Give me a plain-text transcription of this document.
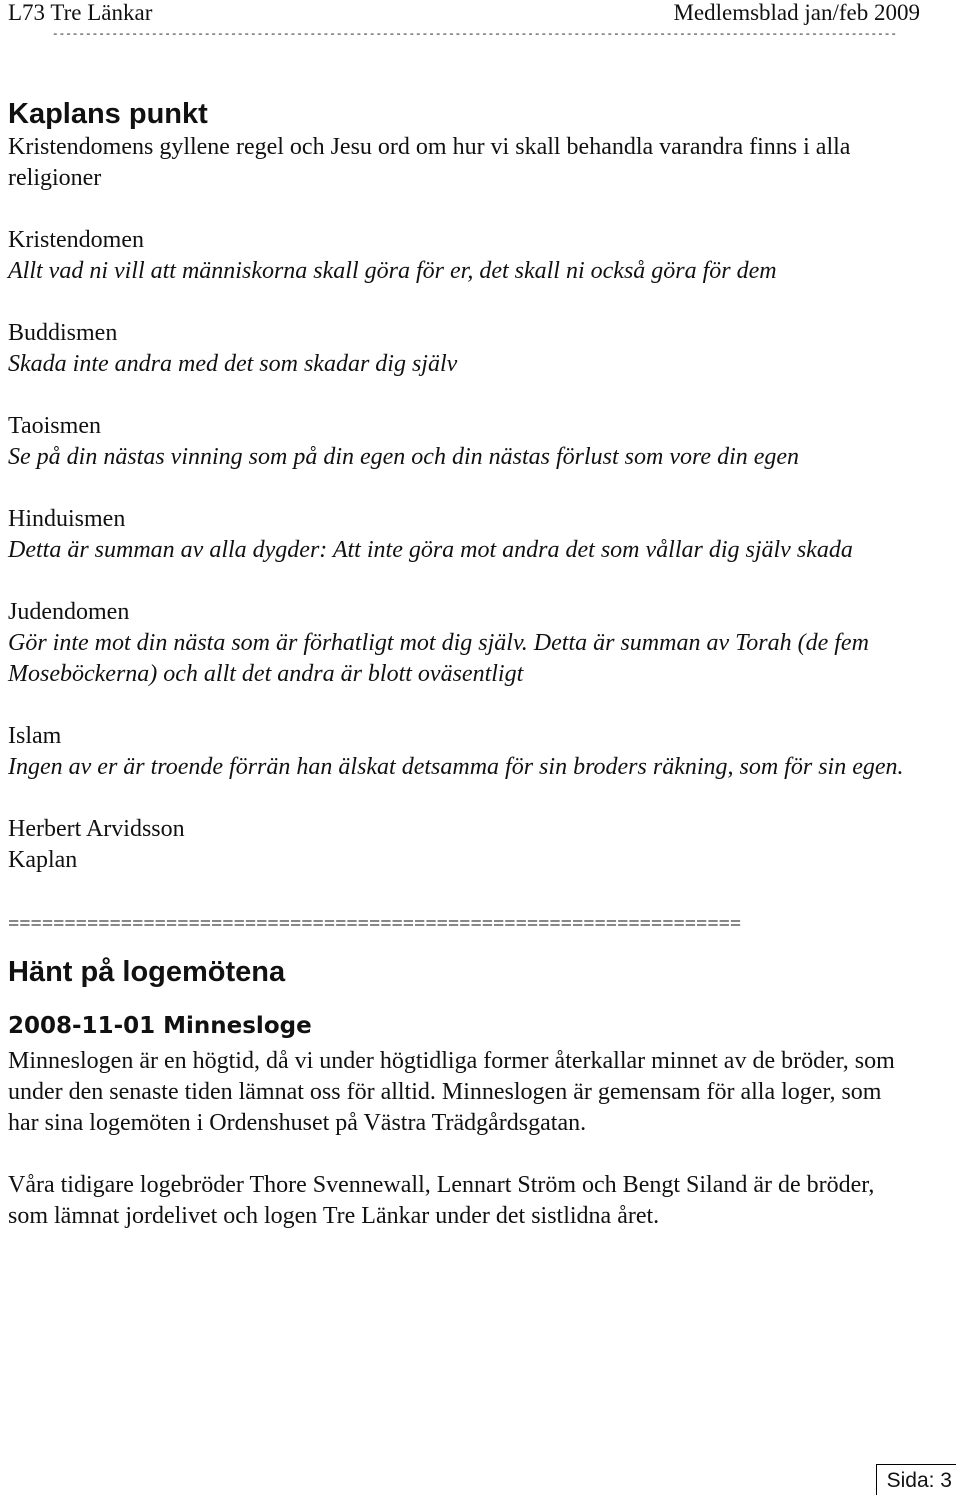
L73 Tre Länkar	Medlemsblad jan/feb 2009
--------------------------------------------------------------------------------------------------------------------------------
Kaplans punkt

Kristendomens gyllene regel och Jesu ord om hur vi skall behandla varandra finns i alla religioner

Kristendomen
Allt vad ni vill att människorna skall göra för er, det skall ni också göra för dem

Buddismen
Skada inte andra med det som skadar dig själv

Taoismen
Se på din nästas vinning som på din egen och din nästas förlust som vore din egen

Hinduismen
Detta är summan av alla dygder: Att inte göra mot andra det som vållar dig själv skada

Judendomen
Gör inte mot din nästa som är förhatligt mot dig själv. Detta är summan av Torah (de fem Moseböckerna) och allt det andra är blott oväsentligt

Islam
Ingen av er är troende förrän han älskat detsamma för sin broders räkning, som för sin egen.

Herbert Arvidsson

Kaplan

=================================================================
Hänt på logemötena
2008-11-01 Minnesloge

Minneslogen är en högtid, då vi under högtidliga former återkallar minnet av de bröder, som under den senaste tiden lämnat oss för alltid. Minneslogen är gemensam för alla loger, som har sina logemöten i Ordenshuset på Västra Trädgårdsgatan.

Våra tidigare logebröder Thore Svennewall, Lennart Ström och Bengt Siland är de bröder, som lämnat jordelivet och logen Tre Länkar under det sistlidna året.

Sida: 3
